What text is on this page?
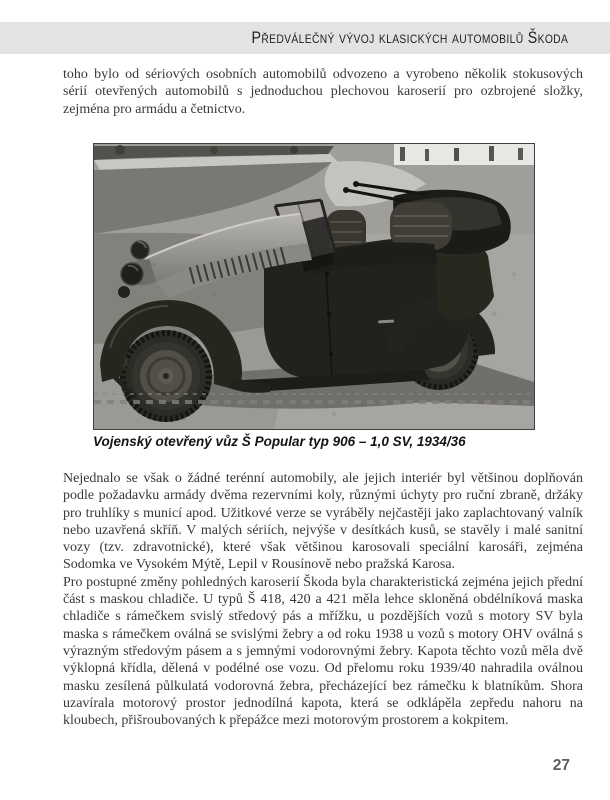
Předválečný vývoj klasických automobilů Škoda

toho bylo od sériových osobních automobilů odvozeno a vyrobeno několik stokusových sérií otevřených automobilů s jednoduchou plechovou karoserií pro ozbrojené složky, zejména pro armádu a četnictvo.

Vojenský otevřený vůz Š Popular typ 906 – 1,0 SV, 1934/36

Nejednalo se však o žádné terénní automobily, ale jejich interiér byl většinou doplňován podle požadavku armády dvěma rezervními koly, různými úchyty pro ruční zbraně, držáky pro truhlíky s municí apod. Užitkové verze se vyráběly nejčastěji jako zaplachtovaný valník nebo uzavřená skříň. V malých sériích, nejvýše v desítkách kusů, se stavěly i malé sanitní vozy (tzv. zdravotnické), které však většinou karosovali speciální karosáři, zejména Sodomka ve Vysokém Mýtě, Lepil v Rousínově nebo pražská Karosa.

Pro postupné změny pohledných karoserií Škoda byla charakteristická zejména jejich přední část s maskou chladiče. U typů Š 418, 420 a 421 měla lehce skloněná obdélníková maska chladiče s rámečkem svislý středový pás a mřížku, u pozdějších vozů s motory SV byla maska s rámečkem oválná se svislými žebry a od roku 1938 u vozů s motory OHV oválná s výrazným středovým pásem a s jemnými vodorovnými žebry. Kapota těchto vozů měla dvě výklopná křídla, dělená v podélné ose vozu. Od přelomu roku 1939/40 nahradila oválnou masku zesílená půlkulatá vodorovná žebra, přecházející bez rámečku k blatníkům. Shora uzavírala motorový prostor jednodílná kapota, která se odklápěla zepředu nahoru na kloubech, přišroubovaných k přepážce mezi motorovým prostorem a kokpitem.

27
